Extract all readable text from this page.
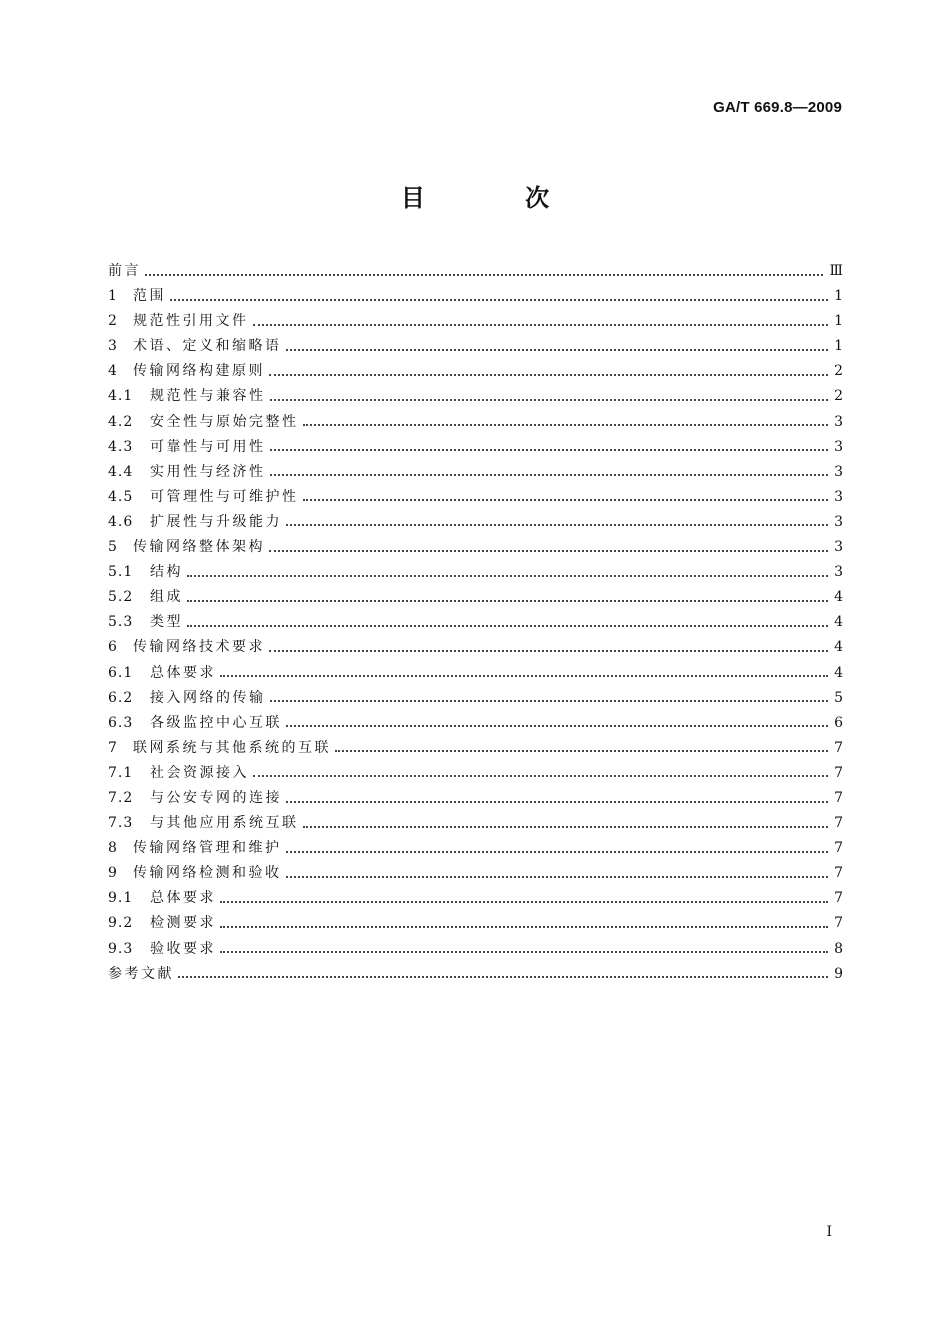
GA/T 669.8—2009
目 次
前言	Ⅲ
1	范围	1
2	规范性引用文件	1
3	术语、定义和缩略语	1
4	传输网络构建原则	2
4.1	规范性与兼容性	2
4.2	安全性与原始完整性	3
4.3	可靠性与可用性	3
4.4	实用性与经济性	3
4.5	可管理性与可维护性	3
4.6	扩展性与升级能力	3
5	传输网络整体架构	3
5.1	结构	3
5.2	组成	4
5.3	类型	4
6	传输网络技术要求	4
6.1	总体要求	4
6.2	接入网络的传输	5
6.3	各级监控中心互联	6
7	联网系统与其他系统的互联	7
7.1	社会资源接入	7
7.2	与公安专网的连接	7
7.3	与其他应用系统互联	7
8	传输网络管理和维护	7
9	传输网络检测和验收	7
9.1	总体要求	7
9.2	检测要求	7
9.3	验收要求	8
参考文献	9
I
